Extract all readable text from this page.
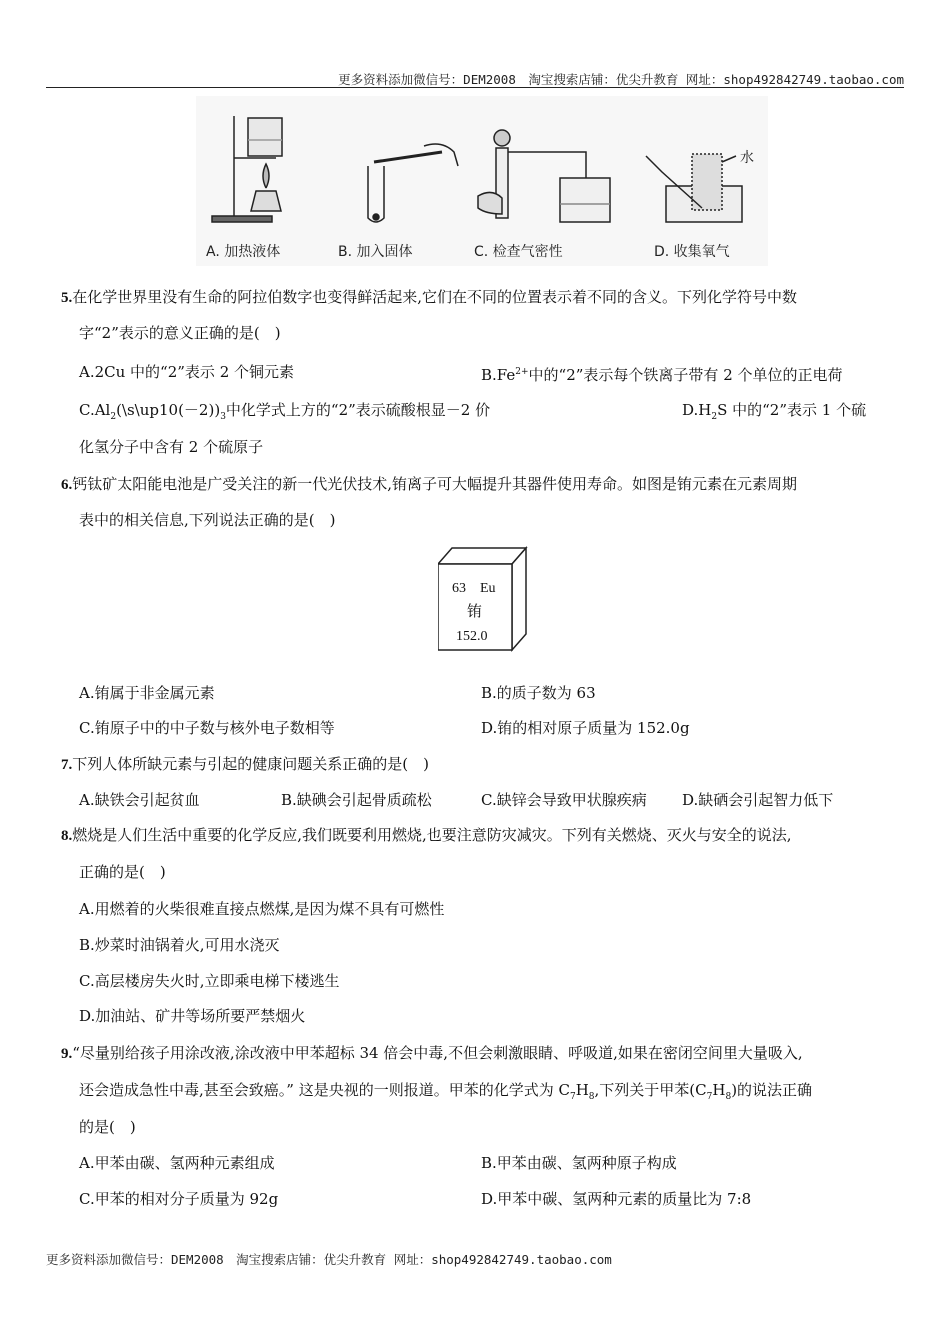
更多资料添加微信号：DEM2008　淘宝搜索店铺：优尖升教育 网址：shop492842749.taobao.com
A. 加热液体	B. 加入固体	C. 检查气密性	D. 收集氧气
水
5.在化学世界里没有生命的阿拉伯数字也变得鲜活起来,它们在不同的位置表示着不同的含义。下列化学符号中数
字“2”表示的意义正确的是(　)
A.2Cu 中的“2”表示 2 个铜元素	$B.Fe^{2+}$中的“2”表示每个铁离子带有 2 个单位的正电荷
$C.Al_2(\backslash s\backslash up10(-2))_3$中化学式上方的“2”表示硫酸根显－2 价	$D.H_2S$ 中的“2”表示 1 个硫
化氢分子中含有 2 个硫原子
6.钙钛矿太阳能电池是广受关注的新一代光伏技术,铕离子可大幅提升其器件使用寿命。如图是铕元素在元素周期
表中的相关信息,下列说法正确的是(　)
63 Eu
铕
152.0
A.铕属于非金属元素	B.的质子数为 63
C.铕原子中的中子数与核外电子数相等	D.铕的相对原子质量为 152.0g
7.下列人体所缺元素与引起的健康问题关系正确的是(　)
A.缺铁会引起贫血	B.缺碘会引起骨质疏松	C.缺锌会导致甲状腺疾病 D.缺硒会引起智力低下
8.燃烧是人们生活中重要的化学反应,我们既要利用燃烧,也要注意防灾减灾。下列有关燃烧、灭火与安全的说法,
正确的是(　)
A.用燃着的火柴很难直接点燃煤,是因为煤不具有可燃性
B.炒菜时油锅着火,可用水浇灭
C.高层楼房失火时,立即乘电梯下楼逃生
D.加油站、矿井等场所要严禁烟火
9.“尽量别给孩子用涂改液,涂改液中甲苯超标 34 倍会中毒,不但会刺激眼睛、呼吸道,如果在密闭空间里大量吸入,
还会造成急性中毒,甚至会致癌。” 这是央视的一则报道。甲苯的化学式为 $C_7H_8$,下列关于甲苯$(C_7H_8)$的说法正确
的是(　)
A.甲苯由碳、氢两种元素组成	B.甲苯由碳、氢两种原子构成
C.甲苯的相对分子质量为 92g	D.甲苯中碳、氢两种元素的质量比为 7:8
更多资料添加微信号：DEM2008　淘宝搜索店铺：优尖升教育 网址：shop492842749.taobao.com
